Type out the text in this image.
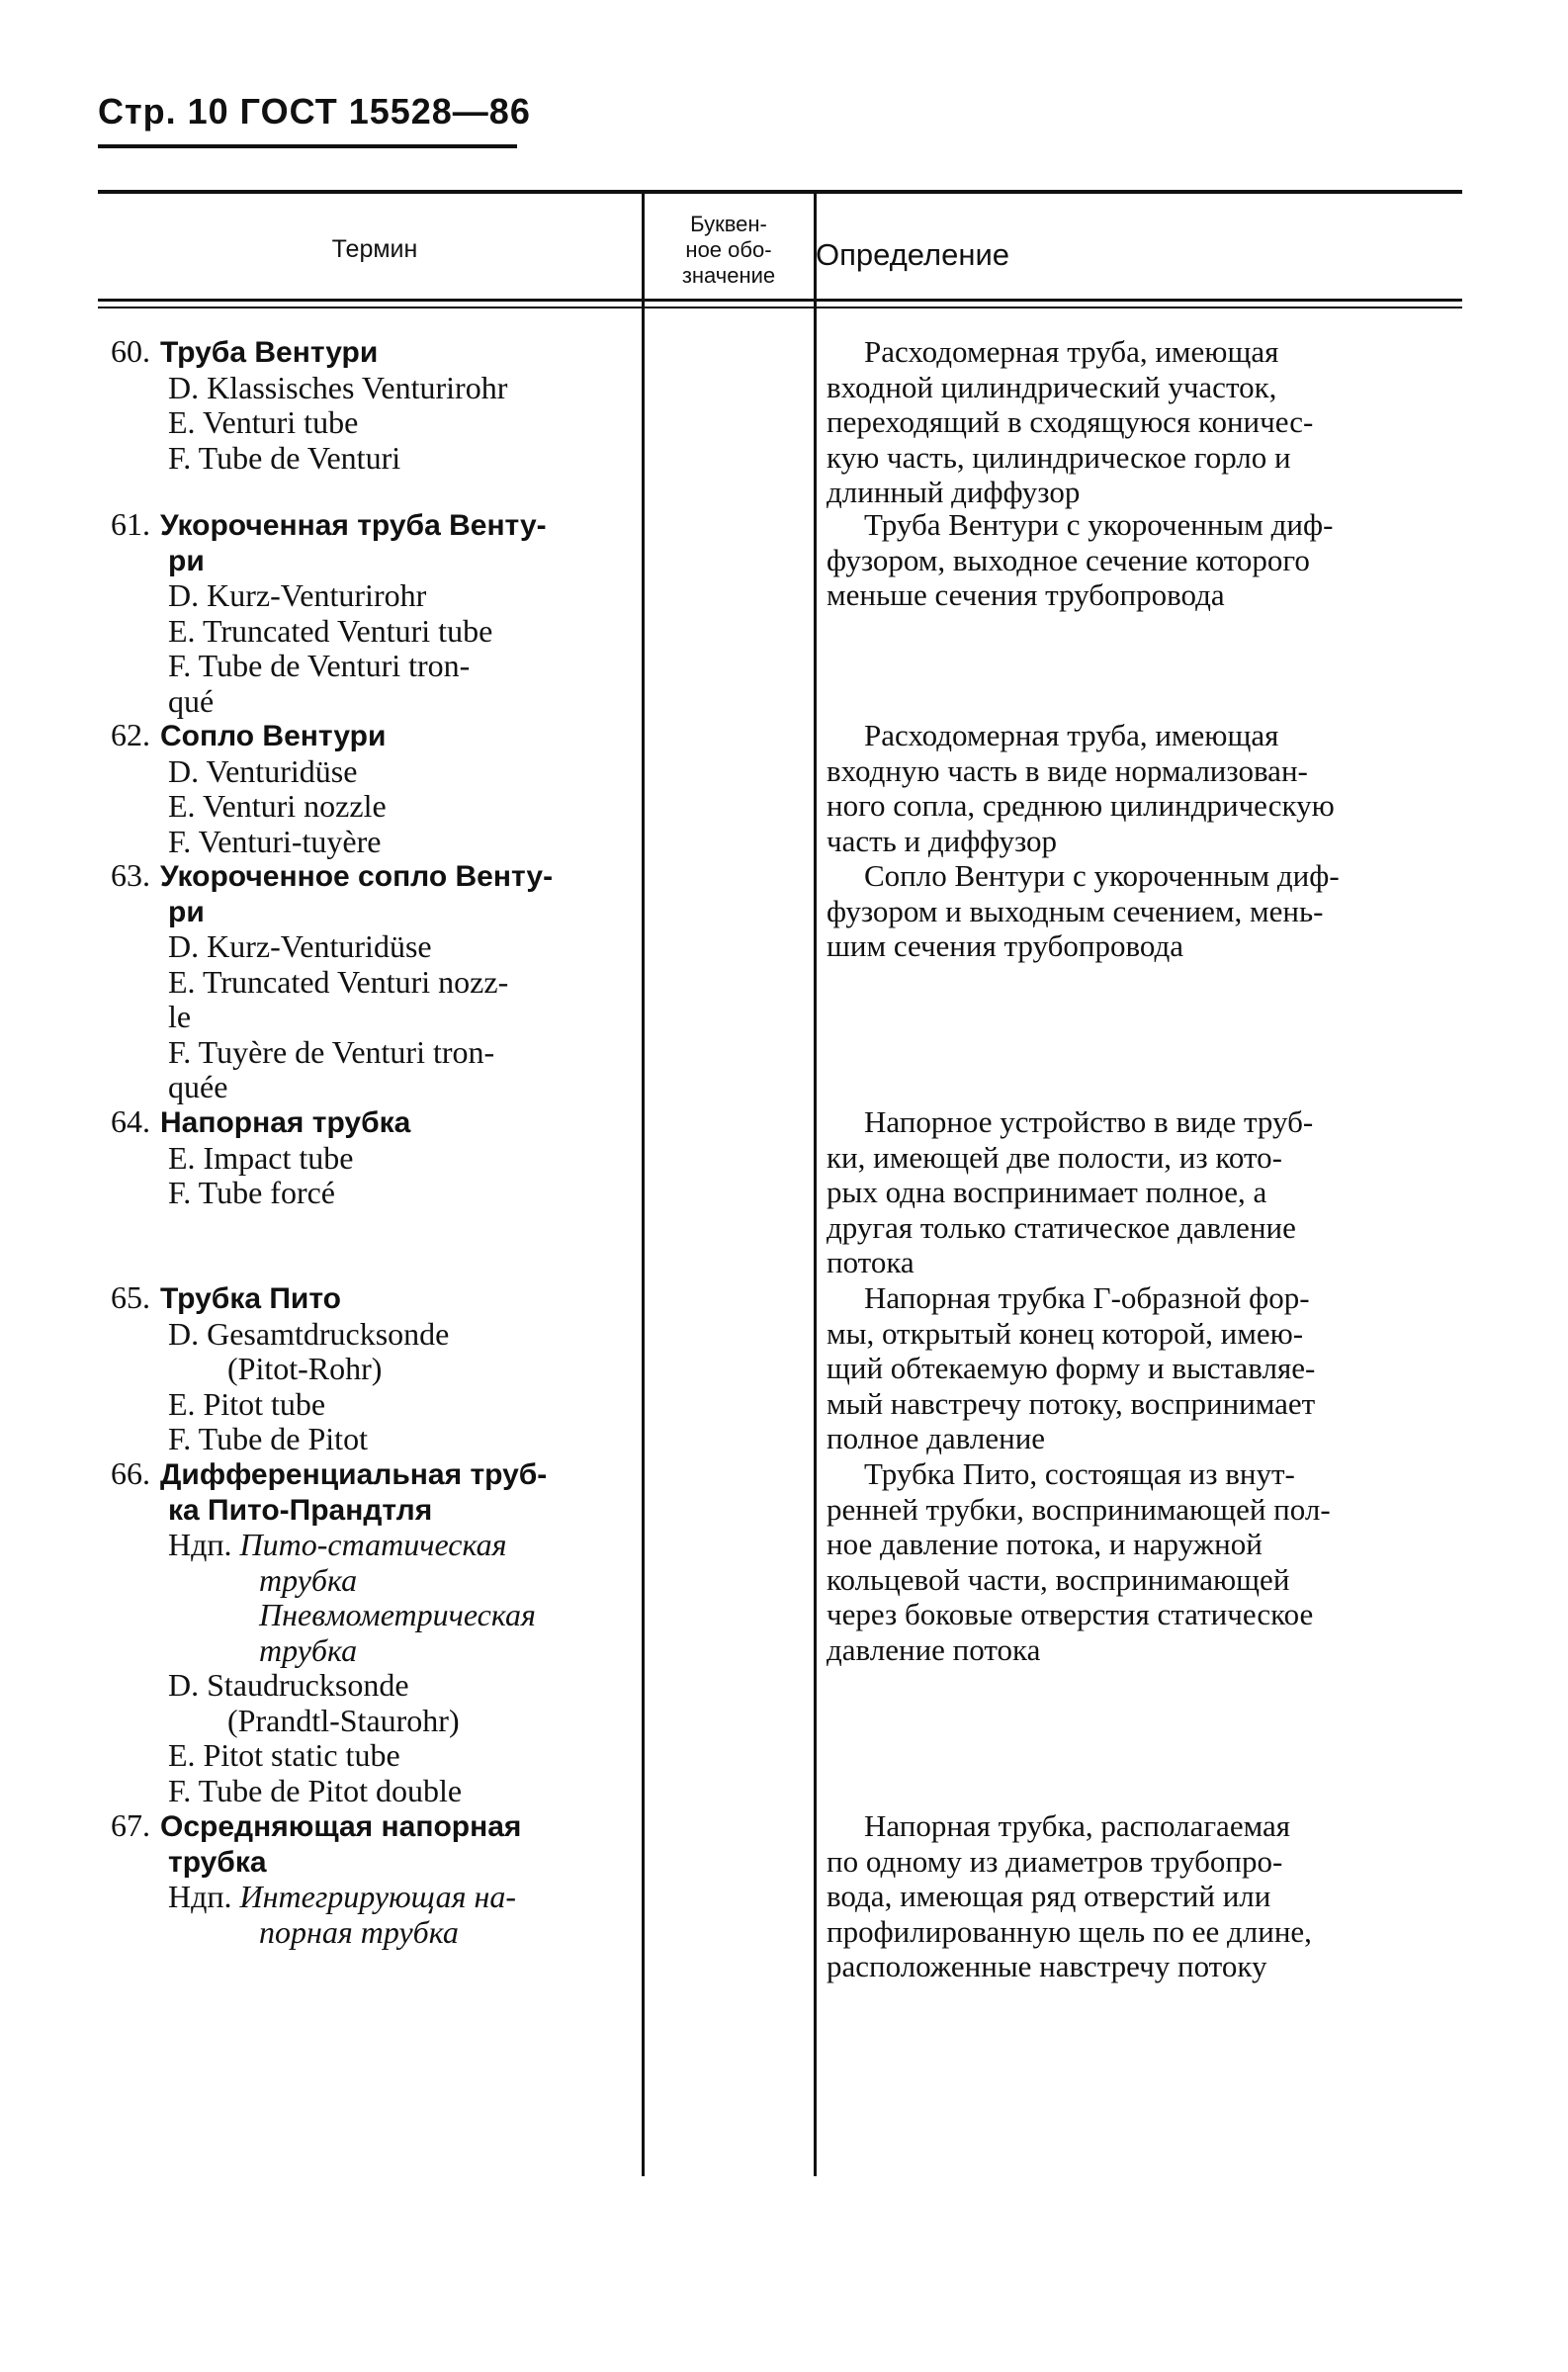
Стр. 10 ГОСТ 15528—86
Термин
Буквен-
ное обо-
значение
Определение
60. Труба Вентури
D. Klassisches Venturirohr
E. Venturi tube
F. Tube de Venturi
Расходомерная труба, имеющая
входной цилиндрический участок,
переходящий в сходящуюся коничес-
кую часть, цилиндрическое горло и
длинный диффузор
61. Укороченная труба Венту-
ри
D. Kurz-Venturirohr
E. Truncated Venturi tube
F. Tube de Venturi tron-
qué
Труба Вентури с укороченным диф-
фузором, выходное сечение которого
меньше сечения трубопровода
62. Сопло Вентури
D. Venturidüse
E. Venturi nozzle
F. Venturi-tuyère
Расходомерная труба, имеющая
входную часть в виде нормализован-
ного сопла, среднюю цилиндрическую
часть и диффузор
63. Укороченное сопло Венту-
ри
D. Kurz-Venturidüse
E. Truncated Venturi nozz-
le
F. Tuyère de Venturi tron-
quée
Сопло Вентури с укороченным диф-
фузором и выходным сечением, мень-
шим сечения трубопровода
64. Напорная трубка
E. Impact tube
F. Tube forcé
Напорное устройство в виде труб-
ки, имеющей две полости, из кото-
рых одна воспринимает полное, а
другая только статическое давление
потока
65. Трубка Пито
D. Gesamtdrucksonde
(Pitot-Rohr)
E. Pitot tube
F. Tube de Pitot
Напорная трубка Г-образной фор-
мы, открытый конец которой, имею-
щий обтекаемую форму и выставляе-
мый навстречу потоку, воспринимает
полное давление
66. Дифференциальная труб-
ка Пито-Прандтля
Ндп. Пито-статическая
трубка
Пневмометрическая
трубка
D. Staudrucksonde
(Prandtl-Staurohr)
E. Pitot static tube
F. Tube de Pitot double
Трубка Пито, состоящая из внут-
ренней трубки, воспринимающей пол-
ное давление потока, и наружной
кольцевой части, воспринимающей
через боковые отверстия статическое
давление потока
67. Осредняющая напорная
трубка
Ндп. Интегрирующая на-
порная трубка
Напорная трубка, располагаемая
по одному из диаметров трубопро-
вода, имеющая ряд отверстий или
профилированную щель по ее длине,
расположенные навстречу потоку
